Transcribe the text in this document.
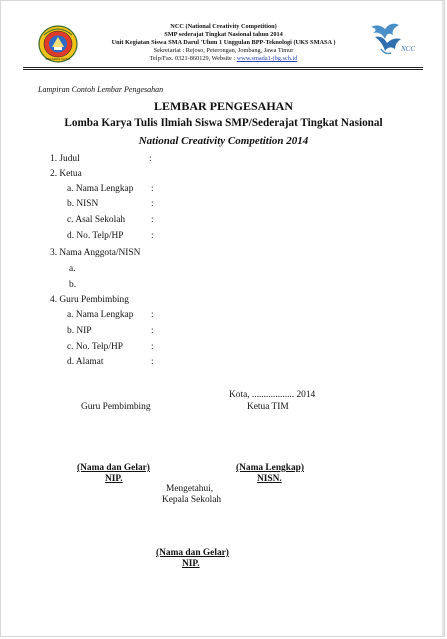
SMA DARUL ULUM 1
NCC
NCC (National Creativity Competition)
SMP sederajat Tingkat Nasional tahun 2014
Unit Kegiatan Siswa SMA Darul 'Ulum 1 Unggulan BPP-Teknologi (UKS SMASA )
Sekretariat : Rejoso, Peterongan, Jombang, Jawa Timur
Telp/Fax. 0321-860129, Website : www.smada1-jbg.sch.id
Lampiran Contoh Lembar Pengesahan
LEMBAR PENGESAHAN
Lomba Karya Tulis Ilmiah Siswa SMP/Sederajat Tingkat Nasional
National Creativity Competition 2014
1. Judul	:
2. Ketua
a. Nama Lengkap :
b. NISN	:
c. Asal Sekolah	:
d. No. Telp/HP	:
3. Nama Anggota/NISN
a.
b.
4. Guru Pembimbing
a. Nama Lengkap :
b. NIP	:
c. No. Telp/HP	:
d. Alamat	:
Kota, .................. 2014
Guru Pembimbing	Ketua TIM
(Nama dan Gelar)
NIP.
(Nama Lengkap)
NISN.
Mengetahui,
Kepala Sekolah
(Nama dan Gelar)
NIP.
